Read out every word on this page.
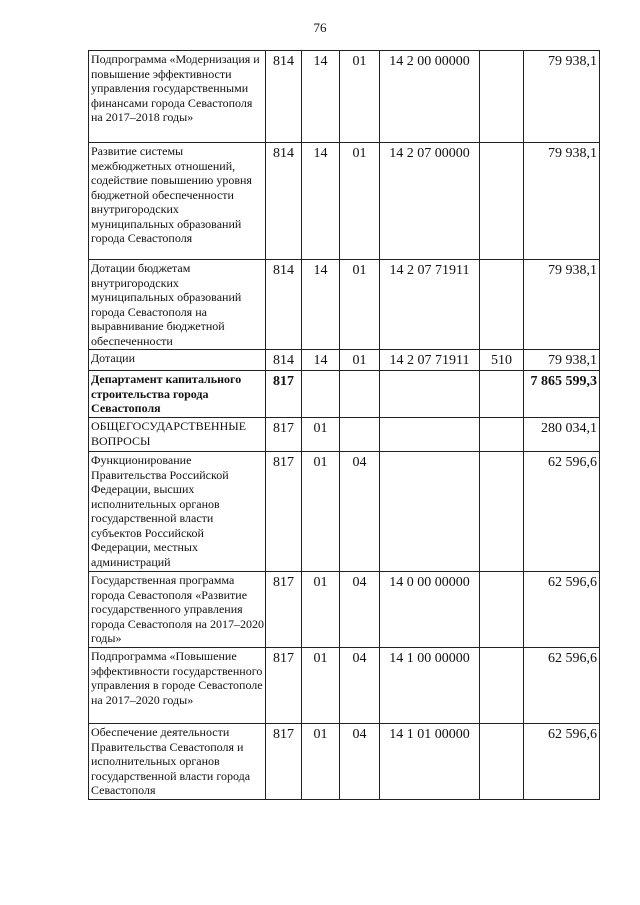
76
Подпрограмма «Модернизация и повышение эффективности управления государственными финансами города Севастополя на 2017–2018 годы»	814	14	01	14 2 00 00000		79 938,1
Развитие системы межбюджетных отношений, содействие повышению уровня бюджетной обеспеченности внутригородских муниципальных образований города Севастополя	814	14	01	14 2 07 00000		79 938,1
Дотации бюджетам внутригородских муниципальных образований города Севастополя на выравнивание бюджетной обеспеченности	814	14	01	14 2 07 71911		79 938,1
Дотации	814	14	01	14 2 07 71911	510	79 938,1
Департамент капитального строительства города Севастополя	817					7 865 599,3
ОБЩЕГОСУДАРСТВЕННЫЕ ВОПРОСЫ	817	01				280 034,1
Функционирование Правительства Российской Федерации, высших исполнительных органов государственной власти субъектов Российской Федерации, местных администраций	817	01	04			62 596,6
Государственная программа города Севастополя «Развитие государственного управления города Севастополя на 2017–2020 годы»	817	01	04	14 0 00 00000		62 596,6
Подпрограмма «Повышение эффективности государственного управления в городе Севастополе на 2017–2020 годы»	817	01	04	14 1 00 00000		62 596,6
Обеспечение деятельности Правительства Севастополя и исполнительных органов государственной власти города Севастополя	817	01	04	14 1 01 00000		62 596,6
